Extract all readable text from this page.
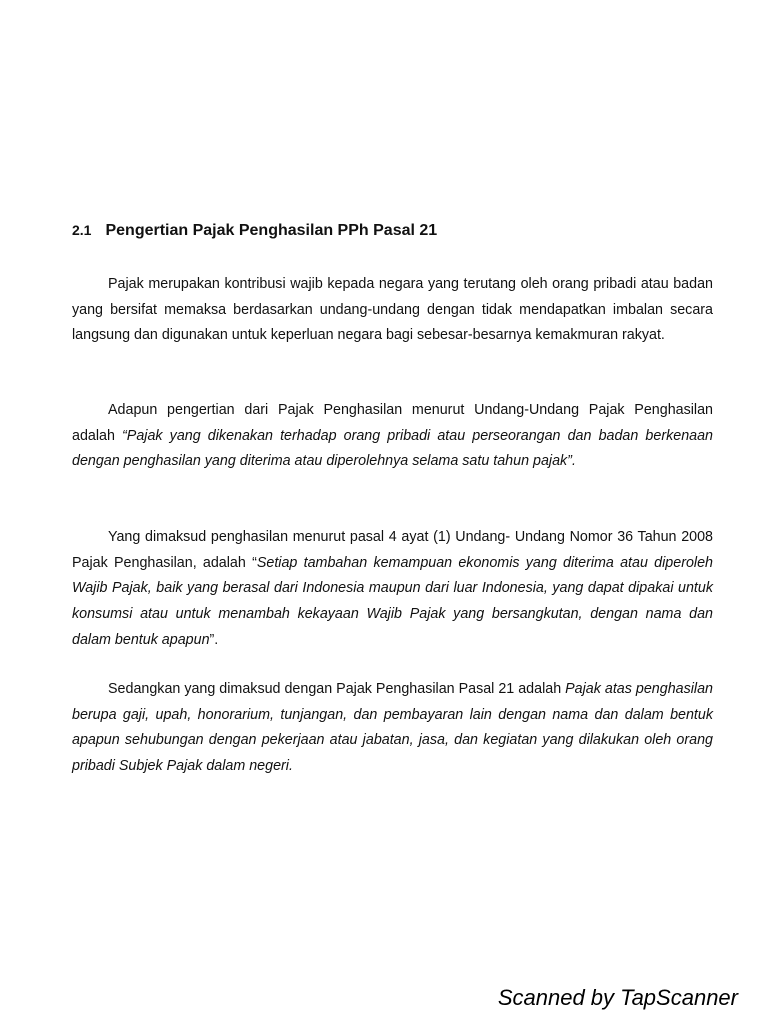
2.1 Pengertian Pajak Penghasilan PPh Pasal 21

Pajak merupakan kontribusi wajib kepada negara yang terutang oleh orang pribadi atau badan yang bersifat memaksa berdasarkan undang-undang dengan tidak mendapatkan imbalan secara langsung dan digunakan untuk keperluan negara bagi sebesar-besarnya kemakmuran rakyat.

Adapun pengertian dari Pajak Penghasilan menurut Undang-Undang Pajak Penghasilan adalah “Pajak yang dikenakan terhadap orang pribadi atau perseorangan dan badan berkenaan dengan penghasilan yang diterima atau diperolehnya selama satu tahun pajak”.

Yang dimaksud penghasilan menurut pasal 4 ayat (1) Undang- Undang Nomor 36 Tahun 2008 Pajak Penghasilan, adalah “Setiap tambahan kemampuan ekonomis yang diterima atau diperoleh Wajib Pajak, baik yang berasal dari Indonesia maupun dari luar Indonesia, yang dapat dipakai untuk konsumsi atau untuk menambah kekayaan Wajib Pajak yang bersangkutan, dengan nama dan dalam bentuk apapun”.

Sedangkan yang dimaksud dengan Pajak Penghasilan Pasal 21 adalah Pajak atas penghasilan berupa gaji, upah, honorarium, tunjangan, dan pembayaran lain dengan nama dan dalam bentuk apapun sehubungan dengan pekerjaan atau jabatan, jasa, dan kegiatan yang dilakukan oleh orang pribadi Subjek Pajak dalam negeri.

Scanned by TapScanner
